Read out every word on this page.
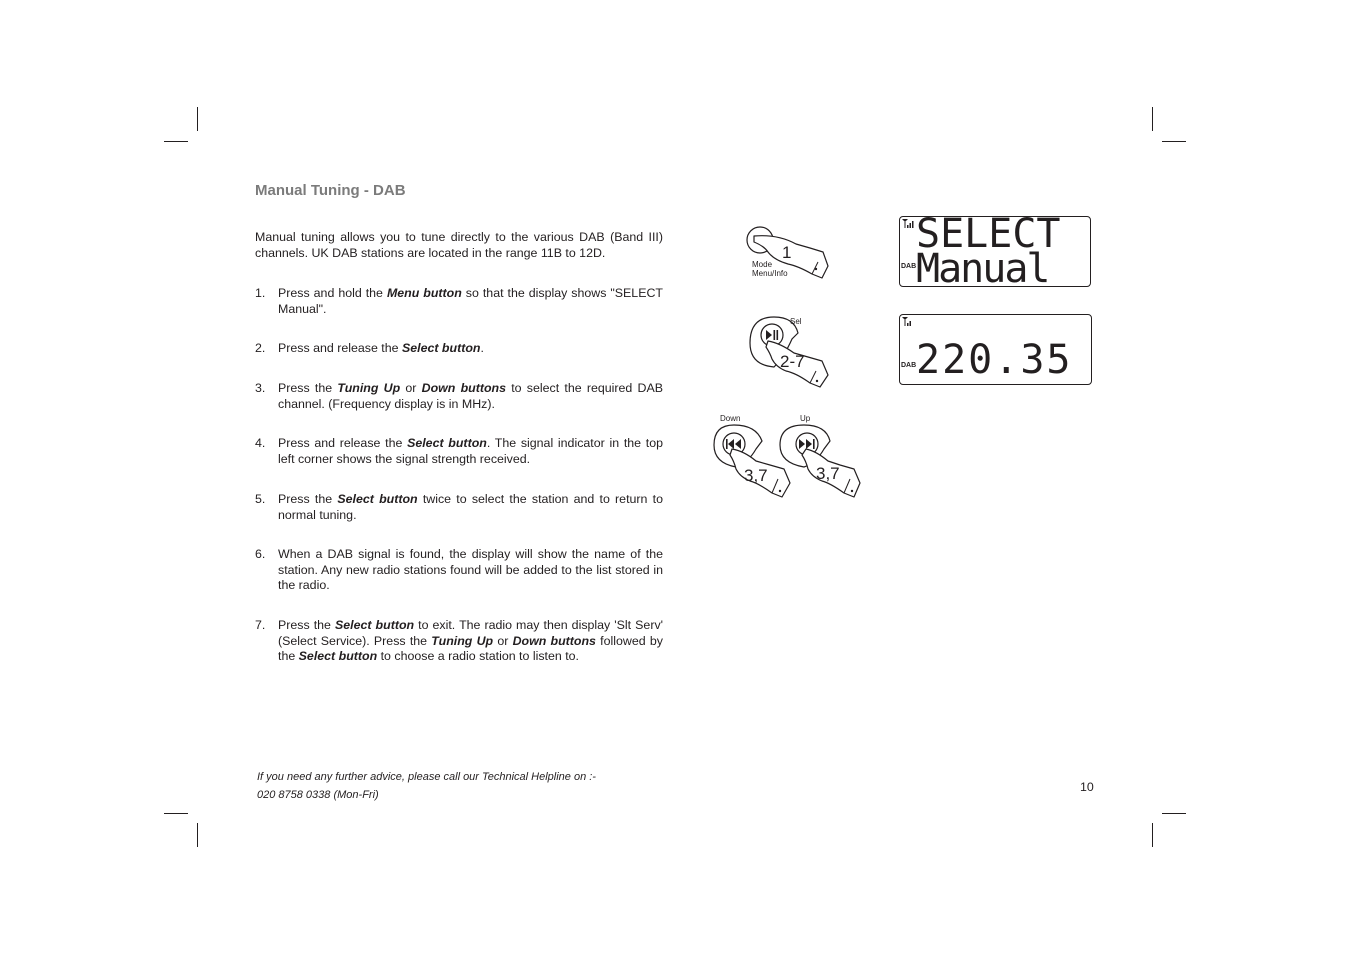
Manual Tuning - DAB

Manual tuning allows you to tune directly to the various DAB (Band III) channels. UK DAB stations are located in the range 11B to 12D.

1.	Press and hold the Menu button so that the display shows "SELECT Manual".
2.	Press and release the Select button.
3.	Press the Tuning Up or Down buttons to select the required DAB channel. (Frequency display is in MHz).
4.	Press and release the Select button. The signal indicator in the top left corner shows the signal strength received.
5.	Press the Select button twice to select the station and to return to normal tuning.
6.	When a DAB signal is found, the display will show the name of the station. Any new radio stations found will be added to the list stored in the radio.
7.	Press the Select button to exit. The radio may then display 'Slt Serv' (Select Service). Press the Tuning Up or Down buttons followed by the Select button to choose a radio station to listen to.
If you need any further advice, please call our Technical Helpline on :-
020 8758 0338 (Mon-Fri)
10
1
Mode
Menu/Info
2-7
Sel
Down
3,7
Up
3,7
DAB
SELECT
Manual
DAB 220.35
